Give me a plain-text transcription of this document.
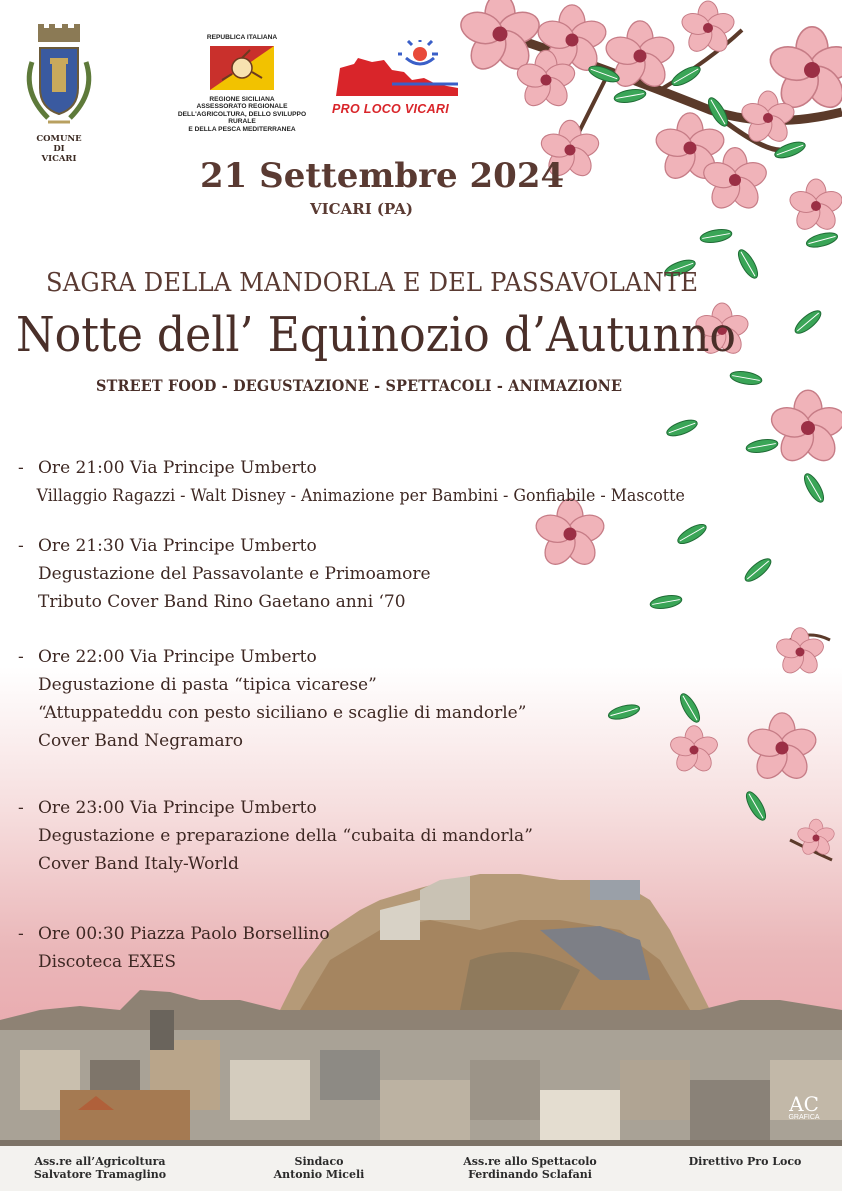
COMUNE
DI
VICARI
REPUBLICA ITALIANA
REGIONE SICILIANA
ASSESSORATO REGIONALE
DELL'AGRICOLTURA, DELLO SVILUPPO RURALE
E DELLA PESCA MEDITERRANEA
PRO LOCO VICARI
21 Settembre 2024
VICARI (PA)
SAGRA DELLA MANDORLA E DEL PASSAVOLANTE
Notte dell’ Equinozio d’Autunno
STREET FOOD - DEGUSTAZIONE - SPETTACOLI - ANIMAZIONE
- Ore 21:00 Via Principe Umberto
Villaggio Ragazzi - Walt Disney - Animazione per Bambini - Gonfiabile - Mascotte
- Ore 21:30 Via Principe Umberto
Degustazione del Passavolante e Primoamore
Tributo Cover Band Rino Gaetano anni ‘70
- Ore 22:00 Via Principe Umberto
Degustazione di pasta “tipica vicarese”
“Attuppateddu con pesto siciliano e scaglie di mandorle”
Cover Band Negramaro
- Ore 23:00 Via Principe Umberto
Degustazione e preparazione della “cubaita di mandorla”
Cover Band Italy-World
- Ore 00:30 Piazza Paolo Borsellino
Discoteca EXES
AC
GRAFICA
Ass.re all’Agricoltura
Salvatore Tramaglino
Sindaco
Antonio Miceli
Ass.re allo Spettacolo
Ferdinando Sclafani
Direttivo Pro Loco
